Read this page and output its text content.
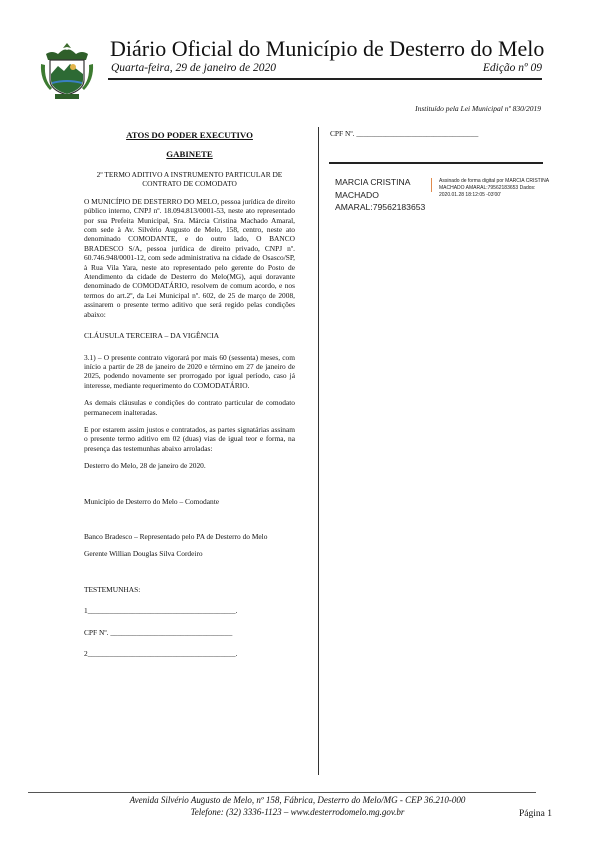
Diário Oficial do Município de Desterro do Melo
Quarta-feira, 29 de janeiro de 2020	Edição nº 09
Instituído pela Lei Municipal nº 830/2019

ATOS DO PODER EXECUTIVO

GABINETE

2º TERMO ADITIVO A INSTRUMENTO PARTICULAR DE CONTRATO DE COMODATO

O MUNICÍPIO DE DESTERRO DO MELO, pessoa jurídica de direito público interno, CNPJ nº. 18.094.813/0001-53, neste ato representado por sua Prefeita Municipal, Sra. Márcia Cristina Machado Amaral, com sede à Av. Silvério Augusto de Melo, 158, centro, neste ato denominado COMODANTE, e do outro lado, O BANCO BRADESCO S/A, pessoa jurídica de direito privado, CNPJ nº. 60.746.948/0001-12, com sede administrativa na cidade de Osasco/SP, à Rua Vila Yara, neste ato representado pelo gerente do Posto de Atendimento da cidade de Desterro do Melo(MG), aqui doravante denominado de COMODATÁRIO, resolvem de comum acordo, e nos termos do art.2º, da Lei Municipal nº. 602, de 25 de março de 2008, assinarem o presente termo aditivo que será regido pelas condições abaixo:

CLÁUSULA TERCEIRA – DA VIGÊNCIA

3.1) – O presente contrato vigorará por mais 60 (sessenta) meses, com início a partir de 28 de janeiro de 2020 e término em 27 de janeiro de 2025, podendo novamente ser prorrogado por igual período, caso já interesse, mediante requerimento do COMODATÁRIO.

As demais cláusulas e condições do contrato particular de comodato permanecem inalteradas.

E por estarem assim justos e contratados, as partes signatárias assinam o presente termo aditivo em 02 (duas) vias de igual teor e forma, na presença das testemunhas abaixo arroladas:

Desterro do Melo, 28 de janeiro de 2020.

Município de Desterro do Melo – Comodante

Banco Bradesco – Representado pelo PA de Desterro do Melo

Gerente Willian Douglas Silva Cordeiro

TESTEMUNHAS:

1________________________________________.

CPF Nº. _________________________________

2________________________________________.

CPF Nº. _________________________________
MARCIA CRISTINA MACHADO AMARAL:79562183653
Assinado de forma digital por MARCIA CRISTINA MACHADO AMARAL:79562183653 Dados: 2020.01.28 18:12:05 -03'00'
Avenida Silvério Augusto de Melo, nº 158, Fábrica, Desterro do Melo/MG - CEP 36.210-000
Telefone: (32) 3336-1123 – www.desterrodomelo.mg.gov.br	Página 1
